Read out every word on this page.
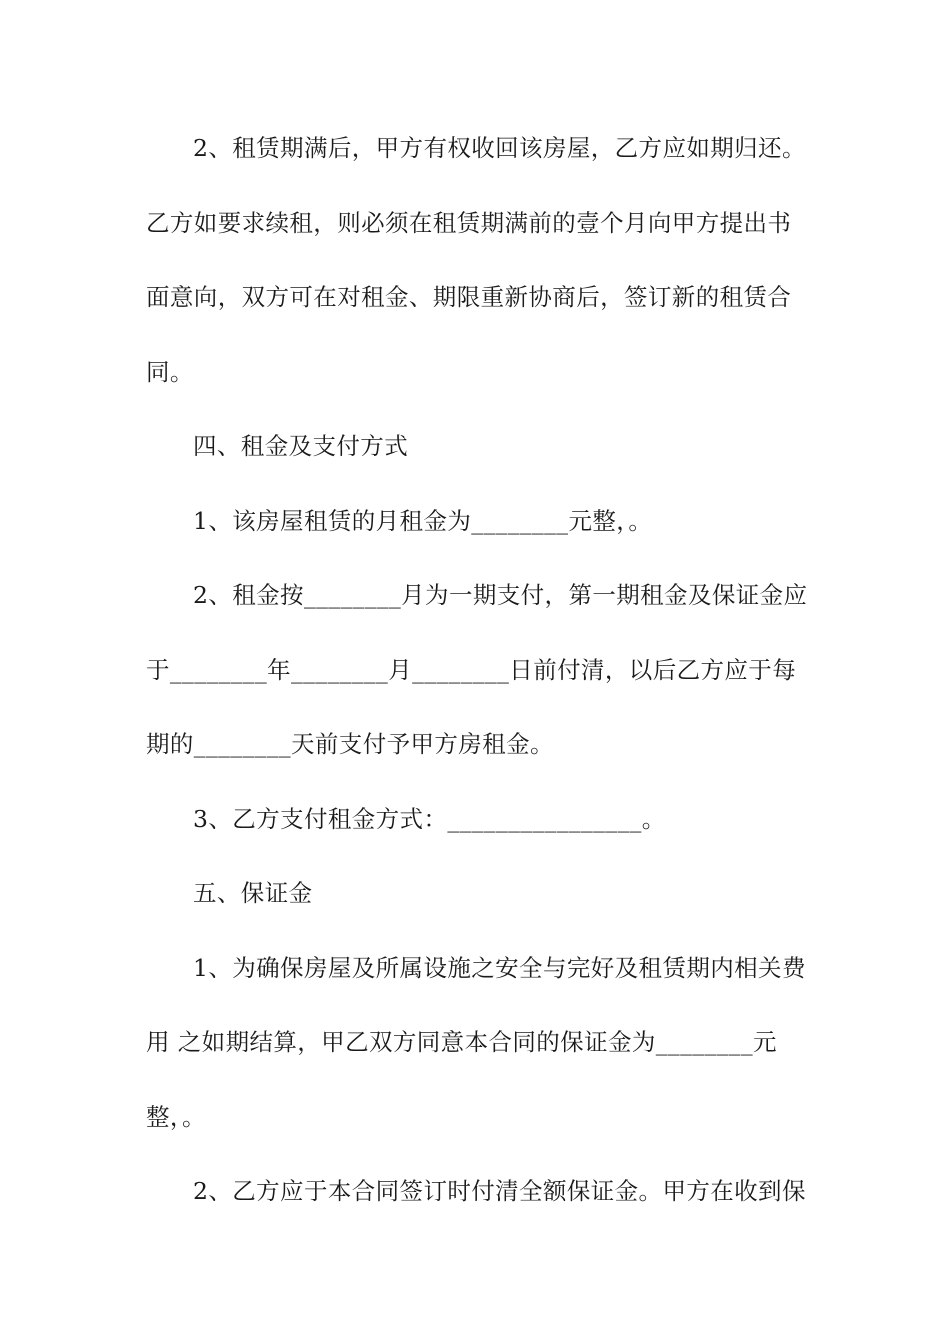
2、租赁期满后，甲方有权收回该房屋，乙方应如期归还。
乙方如要求续租，则必须在租赁期满前的壹个月向甲方提出书
面意向，双方可在对租金、期限重新协商后，签订新的租赁合
同。
四、租金及支付方式
1、该房屋租赁的月租金为________元整，。
2、租金按________月为一期支付，第一期租金及保证金应
于________年________月________日前付清，以后乙方应于每
期的________天前支付予甲方房租金。
3、乙方支付租金方式：________________。
五、保证金
1、为确保房屋及所属设施之安全与完好及租赁期内相关费
用 之如期结算，甲乙双方同意本合同的保证金为________元
整，。
2、乙方应于本合同签订时付清全额保证金。甲方在收到保
